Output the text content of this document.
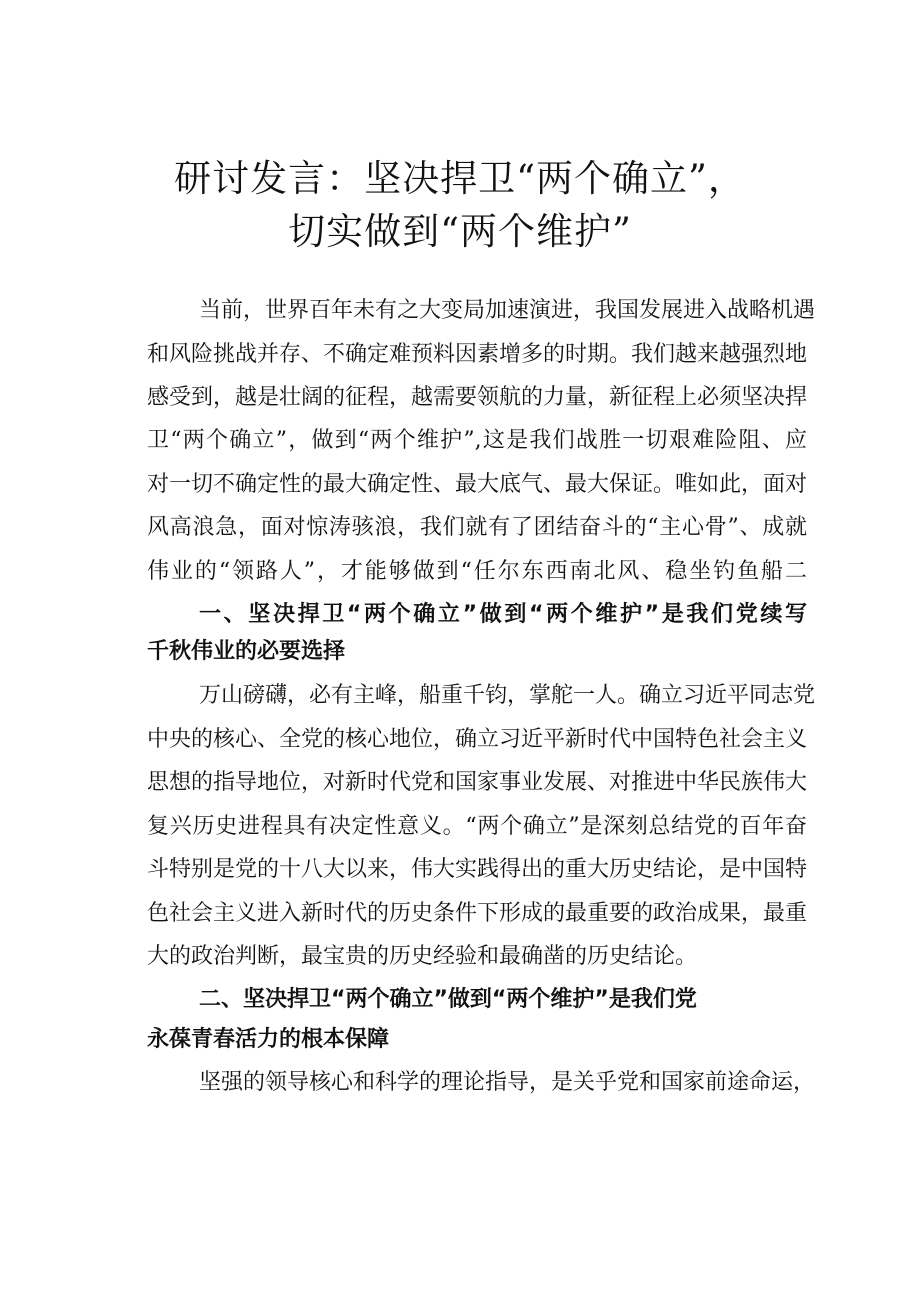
研讨发言：坚决捍卫“两个确立”，
切实做到“两个维护”

当前，世界百年未有之大变局加速演进，我国发展进入战略机遇

和风险挑战并存、不确定难预料因素增多的时期。我们越来越强烈地

感受到，越是壮阔的征程，越需要领航的力量，新征程上必须坚决捍

卫“两个确立”，做到“两个维护”,这是我们战胜一切艰难险阻、应

对一切不确定性的最大确定性、最大底气、最大保证。唯如此，面对

风高浪急，面对惊涛骇浪，我们就有了团结奋斗的“主心骨”、成就

伟业的“领路人”，才能够做到“任尔东西南北风、稳坐钓鱼船二

一、坚决捍卫“两个确立”做到“两个维护”是我们党续写
千秋伟业的必要选择

万山磅礴，必有主峰，船重千钧，掌舵一人。确立习近平同志党

中央的核心、全党的核心地位，确立习近平新时代中国特色社会主义

思想的指导地位，对新时代党和国家事业发展、对推进中华民族伟大

复兴历史进程具有决定性意义。“两个确立”是深刻总结党的百年奋

斗特别是党的十八大以来，伟大实践得出的重大历史结论，是中国特

色社会主义进入新时代的历史条件下形成的最重要的政治成果，最重

大的政治判断，最宝贵的历史经验和最确凿的历史结论。

二、坚决捍卫“两个确立”做到“两个维护”是我们党
永葆青春活力的根本保障

坚强的领导核心和科学的理论指导，是关乎党和国家前途命运，
